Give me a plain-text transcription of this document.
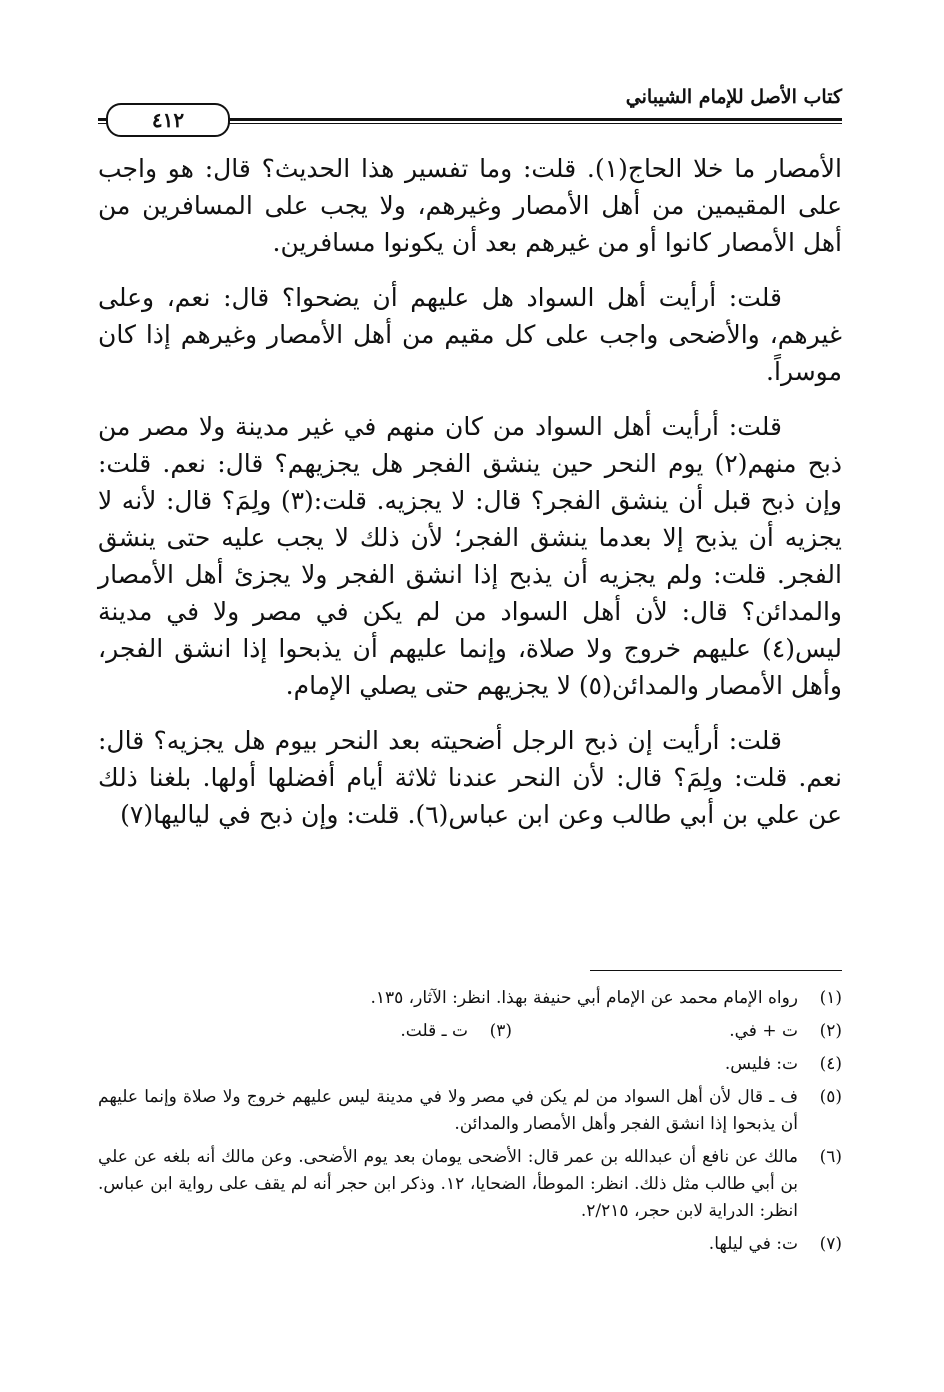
كتاب الأصل للإمام الشيباني
٤١٢

الأمصار ما خلا الحاج(١). قلت: وما تفسير هذا الحديث؟ قال: هو واجب على المقيمين من أهل الأمصار وغيرهم، ولا يجب على المسافرين من أهل الأمصار كانوا أو من غيرهم بعد أن يكونوا مسافرين.

قلت: أرأيت أهل السواد هل عليهم أن يضحوا؟ قال: نعم، وعلى غيرهم، والأضحى واجب على كل مقيم من أهل الأمصار وغيرهم إذا كان موسراً.

قلت: أرأيت أهل السواد من كان منهم في غير مدينة ولا مصر من ذبح منهم(٢) يوم النحر حين ينشق الفجر هل يجزيهم؟ قال: نعم. قلت: وإن ذبح قبل أن ينشق الفجر؟ قال: لا يجزيه. قلت:(٣) ولِمَ؟ قال: لأنه لا يجزيه أن يذبح إلا بعدما ينشق الفجر؛ لأن ذلك لا يجب عليه حتى ينشق الفجر. قلت: ولم يجزيه أن يذبح إذا انشق الفجر ولا يجزئ أهل الأمصار والمدائن؟ قال: لأن أهل السواد من لم يكن في مصر ولا في مدينة ليس(٤) عليهم خروج ولا صلاة، وإنما عليهم أن يذبحوا إذا انشق الفجر، وأهل الأمصار والمدائن(٥) لا يجزيهم حتى يصلي الإمام.

قلت: أرأيت إن ذبح الرجل أضحيته بعد النحر بيوم هل يجزيه؟ قال: نعم. قلت: ولِمَ؟ قال: لأن النحر عندنا ثلاثة أيام أفضلها أولها. بلغنا ذلك عن علي بن أبي طالب وعن ابن عباس(٦). قلت: وإن ذبح في لياليها(٧)

(١)
رواه الإمام محمد عن الإمام أبي حنيفة بهذا. انظر: الآثار، ١٣٥.
(٢)
ت + في.
(٣)
ت ـ قلت.
(٤)
ت: فليس.
(٥)
ف ـ قال لأن أهل السواد من لم يكن في مصر ولا في مدينة ليس عليهم خروج ولا صلاة وإنما عليهم أن يذبحوا إذا انشق الفجر وأهل الأمصار والمدائن.
(٦)
مالك عن نافع أن عبدالله بن عمر قال: الأضحى يومان بعد يوم الأضحى. وعن مالك أنه بلغه عن علي بن أبي طالب مثل ذلك. انظر: الموطأ، الضحايا، ١٢. وذكر ابن حجر أنه لم يقف على رواية ابن عباس. انظر: الدراية لابن حجر، ٢/٢١٥.
(٧)
ت: في ليلها.
